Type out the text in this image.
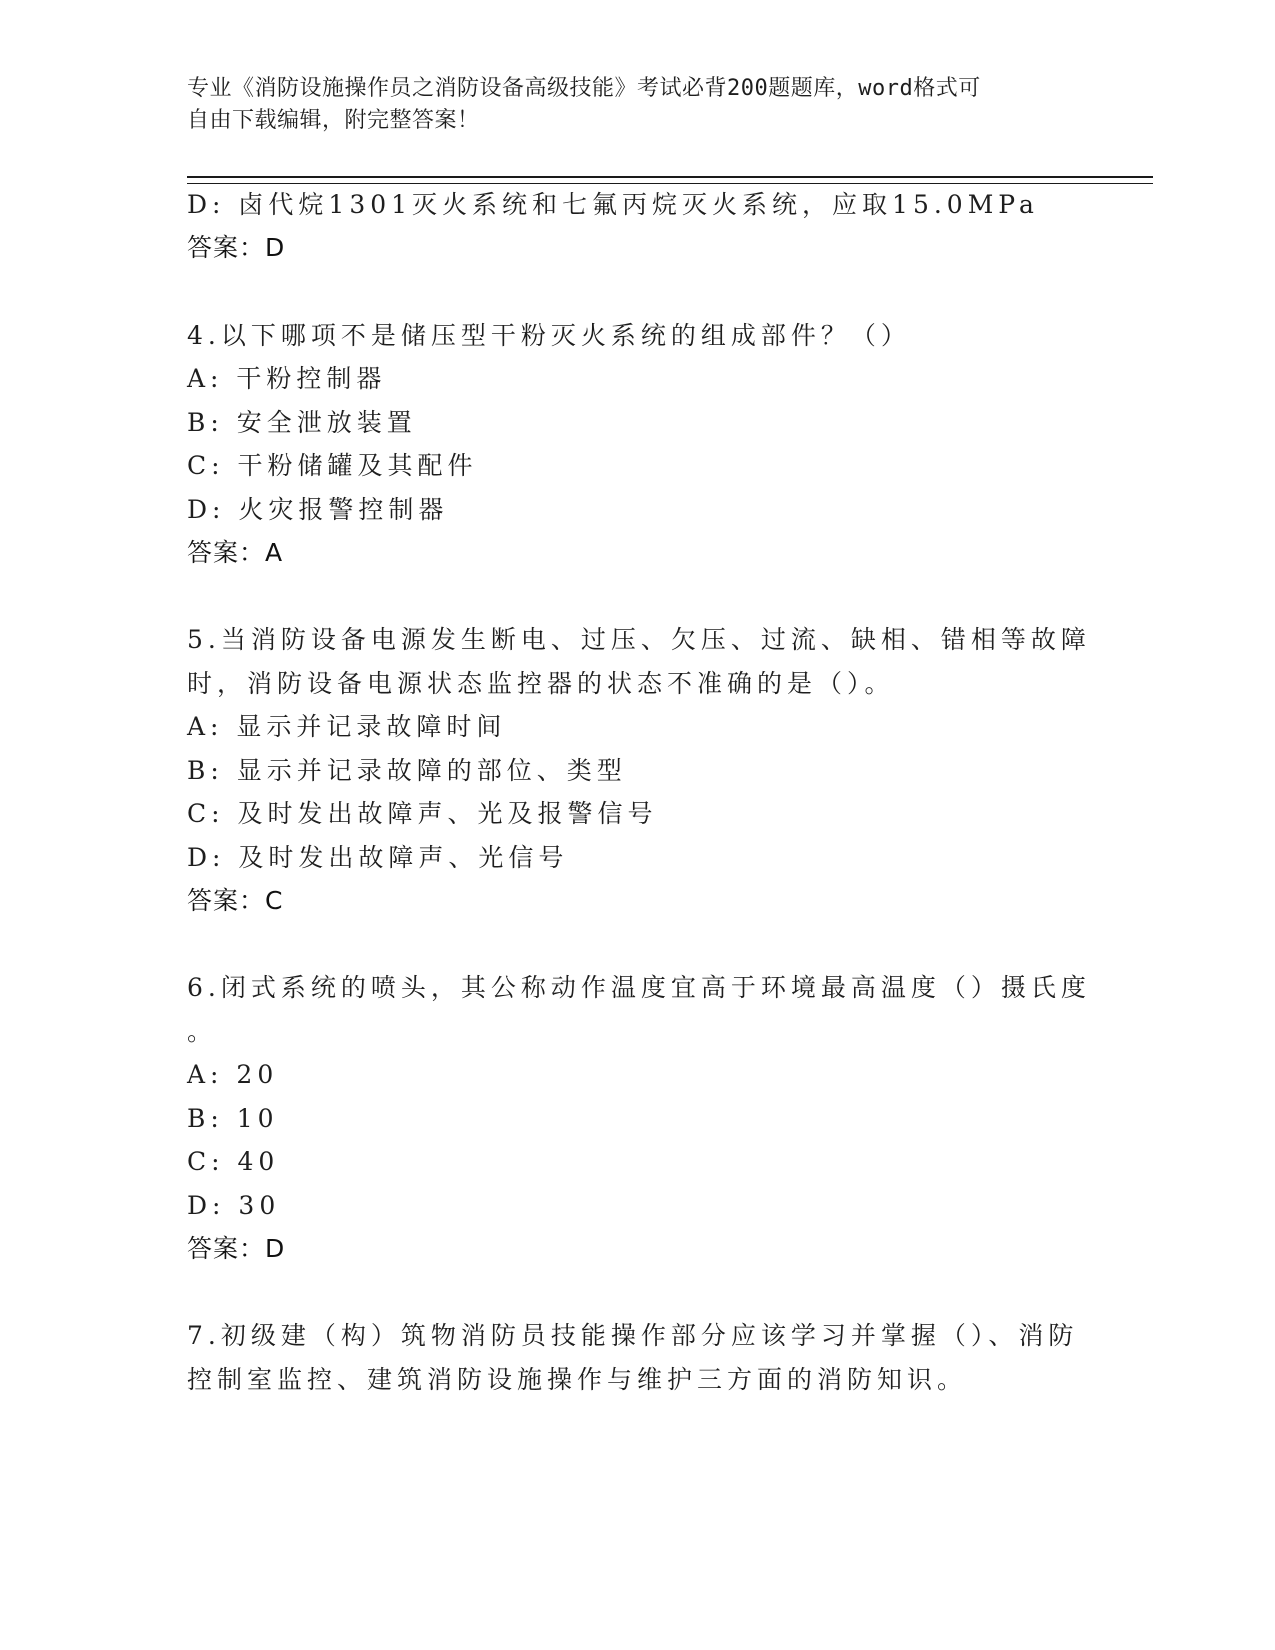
专业《消防设施操作员之消防设备高级技能》考试必背200题题库，word格式可
自由下载编辑，附完整答案！
D: 卤代烷1301灭火系统和七氟丙烷灭火系统，应取15.0MPa
答案：D
4.以下哪项不是储压型干粉灭火系统的组成部件？（）
A: 干粉控制器
B: 安全泄放装置
C: 干粉储罐及其配件
D: 火灾报警控制器
答案：A
5.当消防设备电源发生断电、过压、欠压、过流、缺相、错相等故障
时，消防设备电源状态监控器的状态不准确的是（）。
A: 显示并记录故障时间
B: 显示并记录故障的部位、类型
C: 及时发出故障声、光及报警信号
D: 及时发出故障声、光信号
答案：C
6.闭式系统的喷头，其公称动作温度宜高于环境最高温度（）摄氏度
。
A: 20
B: 10
C: 40
D: 30
答案：D
7.初级建（构）筑物消防员技能操作部分应该学习并掌握（）、消防
控制室监控、建筑消防设施操作与维护三方面的消防知识。
